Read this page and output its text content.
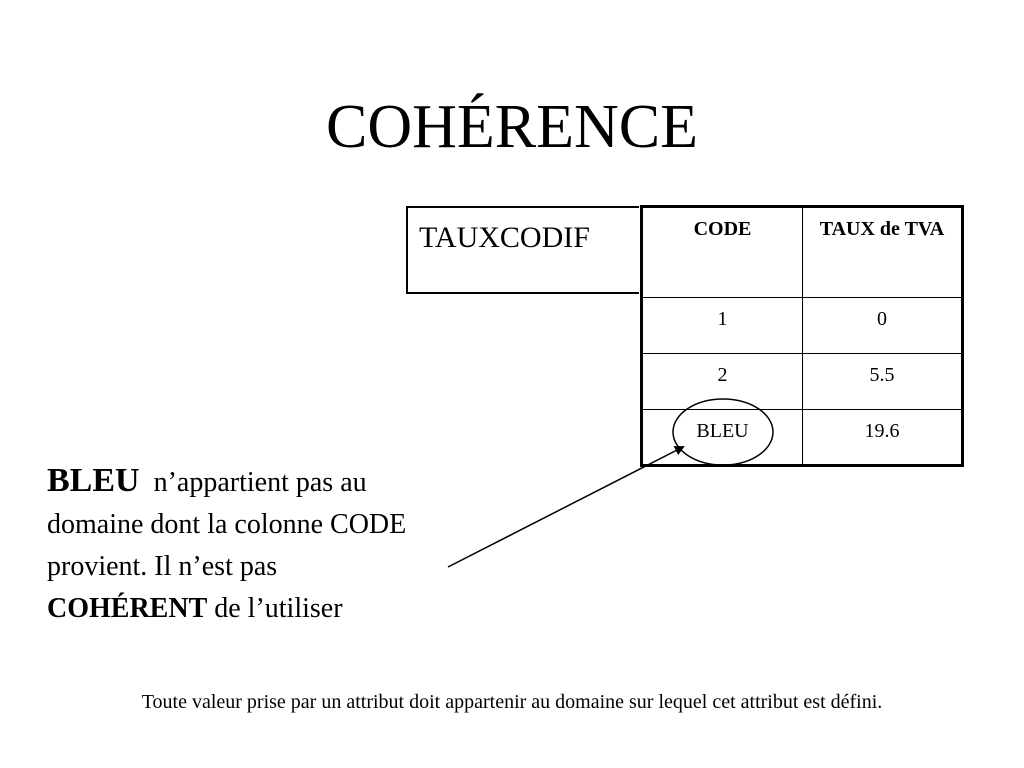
COHÉRENCE
TAUXCODIF	CODE	TAUX de TVA
1	0
2	5.5
BLEU	19.6

BLEU n’appartient pas au domaine dont la colonne CODE provient. Il n’est pas
COHÉRENT de l’utiliser

Toute valeur prise par un attribut doit appartenir au domaine sur lequel cet attribut est défini.
